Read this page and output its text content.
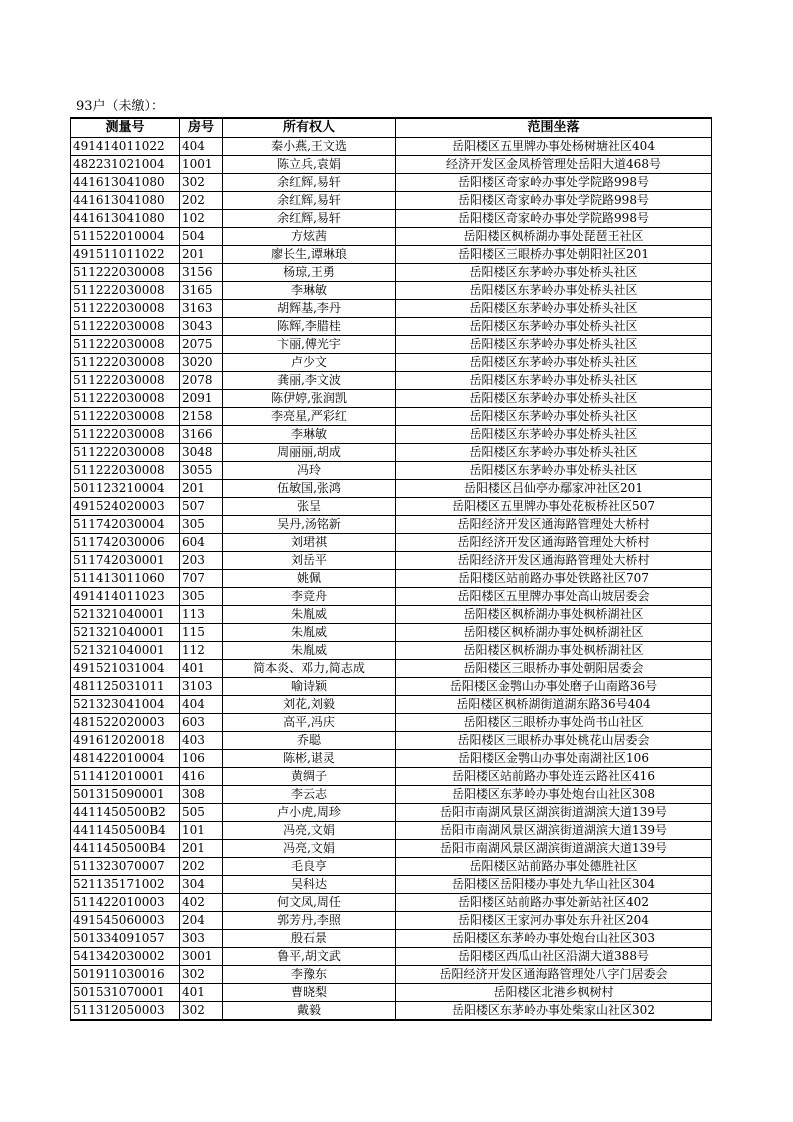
93户（未缴）：
测量号	房号	所有权人	范围坐落
491414011022	404	秦小燕,王文选	岳阳楼区五里牌办事处杨树塘社区404
482231021004	1001	陈立兵,袁娟	经济开发区金凤桥管理处岳阳大道468号
441613041080	302	余红辉,易轩	岳阳楼区奇家岭办事处学院路998号
441613041080	202	余红辉,易轩	岳阳楼区奇家岭办事处学院路998号
441613041080	102	余红辉,易轩	岳阳楼区奇家岭办事处学院路998号
511522010004	504	方炫茜	岳阳楼区枫桥湖办事处琵琶王社区
491511011022	201	廖长生,谭琳琅	岳阳楼区三眼桥办事处朝阳社区201
511222030008	3156	杨琼,王勇	岳阳楼区东茅岭办事处桥头社区
511222030008	3165	李琳敏	岳阳楼区东茅岭办事处桥头社区
511222030008	3163	胡辉基,李丹	岳阳楼区东茅岭办事处桥头社区
511222030008	3043	陈辉,李腊桂	岳阳楼区东茅岭办事处桥头社区
511222030008	2075	卞丽,傅光宇	岳阳楼区东茅岭办事处桥头社区
511222030008	3020	卢少文	岳阳楼区东茅岭办事处桥头社区
511222030008	2078	龚丽,李文波	岳阳楼区东茅岭办事处桥头社区
511222030008	2091	陈伊婷,张润凯	岳阳楼区东茅岭办事处桥头社区
511222030008	2158	李亮星,严彩红	岳阳楼区东茅岭办事处桥头社区
511222030008	3166	李琳敏	岳阳楼区东茅岭办事处桥头社区
511222030008	3048	周丽丽,胡成	岳阳楼区东茅岭办事处桥头社区
511222030008	3055	冯玲	岳阳楼区东茅岭办事处桥头社区
501123210004	201	伍敏国,张鸿	岳阳楼区吕仙亭办鄢家冲社区201
491524020003	507	张呈	岳阳楼区五里牌办事处花板桥社区507
511742030004	305	吴丹,汤铭新	岳阳经济开发区通海路管理处大桥村
511742030006	604	刘珺祺	岳阳经济开发区通海路管理处大桥村
511742030001	203	刘岳平	岳阳经济开发区通海路管理处大桥村
511413011060	707	姚佩	岳阳楼区站前路办事处铁路社区707
491414011023	305	李竞舟	岳阳楼区五里牌办事处高山坡居委会
521321040001	113	朱胤威	岳阳楼区枫桥湖办事处枫桥湖社区
521321040001	115	朱胤威	岳阳楼区枫桥湖办事处枫桥湖社区
521321040001	112	朱胤威	岳阳楼区枫桥湖办事处枫桥湖社区
491521031004	401	简本炎、邓力,简志成	岳阳楼区三眼桥办事处朝阳居委会
481125031011	3103	喻诗颖	岳阳楼区金鹗山办事处磨子山南路36号
521323041004	404	刘花,刘毅	岳阳楼区枫桥湖街道湖东路36号404
481522020003	603	高平,冯庆	岳阳楼区三眼桥办事处尚书山社区
491612020018	403	乔聪	岳阳楼区三眼桥办事处桃花山居委会
481422010004	106	陈彬,谌灵	岳阳楼区金鹗山办事处南湖社区106
511412010001	416	黄绸子	岳阳楼区站前路办事处连云路社区416
501315090001	308	李云志	岳阳楼区东茅岭办事处炮台山社区308
4411450500B2	505	卢小虎,周珍	岳阳市南湖风景区湖滨街道湖滨大道139号
4411450500B4	101	冯亮,文娟	岳阳市南湖风景区湖滨街道湖滨大道139号
4411450500B4	201	冯亮,文娟	岳阳市南湖风景区湖滨街道湖滨大道139号
511323070007	202	毛良亨	岳阳楼区站前路办事处德胜社区
521135171002	304	吴科达	岳阳楼区岳阳楼办事处九华山社区304
511422010003	402	何文凤,周任	岳阳楼区站前路办事处新站社区402
491545060003	204	郭芳丹,李照	岳阳楼区王家河办事处东升社区204
501334091057	303	殷石景	岳阳楼区东茅岭办事处炮台山社区303
541342030002	3001	鲁平,胡文武	岳阳楼区西瓜山社区沿湖大道388号
501911030016	302	李豫东	岳阳经济开发区通海路管理处八字门居委会
501531070001	401	曹晓梨	岳阳楼区北港乡枫树村
511312050003	302	戴毅	岳阳楼区东茅岭办事处柴家山社区302
